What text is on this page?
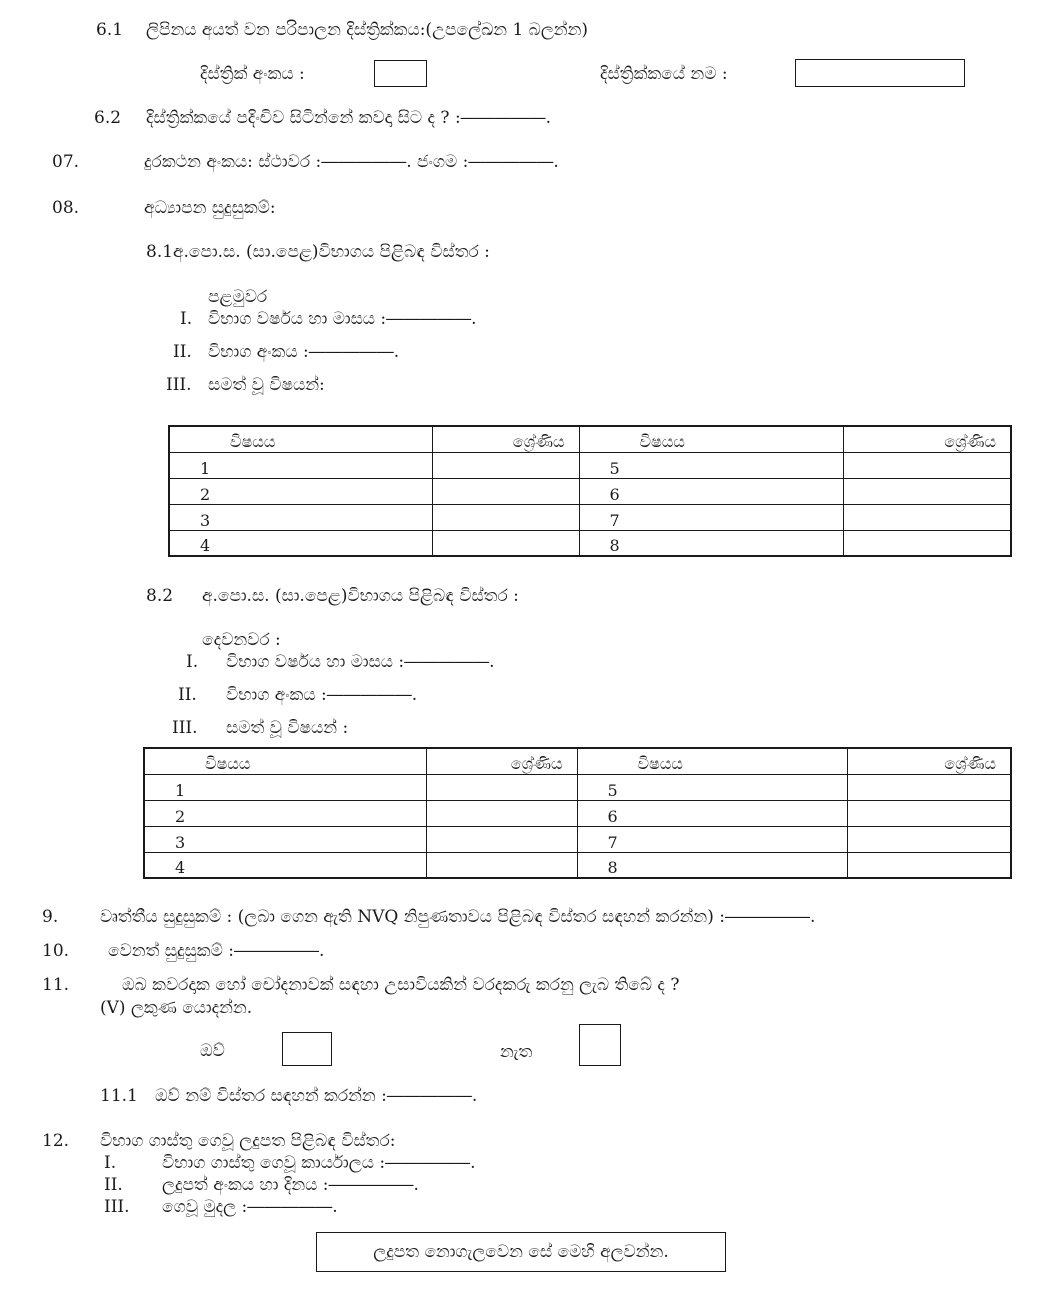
6.1 ලිපිනය අයත් වන පරිපාලන දිස්ත්‍රික්කය:(උපලේඛන 1 බලන්න)
දිස්ත්‍රික් අංකය :	දිස්ත්‍රික්කයේ නම :
6.2 දිස්ත්‍රික්කයේ පදිංචිව සිටින්නේ කවදා සිට ද ? :―――――.
07.	දුරකථන අංකය: ස්ථාවර :―――――. ජංගම :―――――.
08.	අධ්‍යාපන සුදුසුකම්:
8.1අ.පො.ස. (සා.පෙළ)විභාගය පිළිබඳ විස්තර :
පළමුවර
I. විභාග වර්ෂය හා මාසය :―――――.
II. විභාග අංකය :―――――.
III. සමත් වූ විෂයන්:
විෂයය	ශ්‍රේණිය	විෂයය	ශ්‍රේණිය
1		5	
2		6	
3		7	
4		8	
8.2 අ.පො.ස. (සා.පෙළ)විභාගය පිළිබඳ විස්තර :
දෙවනවර :
I. විභාග වර්ෂය හා මාසය :―――――.
II. විභාග අංකය :―――――.
III. සමත් වූ විෂයන් :
විෂයය	ශ්‍රේණිය	විෂයය	ශ්‍රේණිය
1		5	
2		6	
3		7	
4		8	
9. වෘත්තීය සුදුසුකම් : (ලබා ගෙන ඇති NVQ නිපුණතාවය පිළිබඳ විස්තර සඳහන් කරන්න) :―――――.
10. වෙනත් සුදුසුකම් :―――――.
11.	ඔබ කවරදාක හෝ චෝදනාවක් සඳහා උසාවියකින් වරදකරු කරනු ලැබ තිබේ ද ?
(V) ලකුණ යොදන්න.
ඔව්	නැත
11.1 ඔව් නම් විස්තර සඳහන් කරන්න :―――――.
12. විභාග ගාස්තු ගෙවූ ලදුපත පිළිබඳ විස්තර:
I.	විභාග ගාස්තු ගෙවූ කාර්යාලය :―――――.
II. ලදුපත් අංකය හා දිනය :―――――.
III. ගෙවූ මුදල :―――――.
ලදුපත නොගැලවෙන සේ මෙහි අලවන්න.
